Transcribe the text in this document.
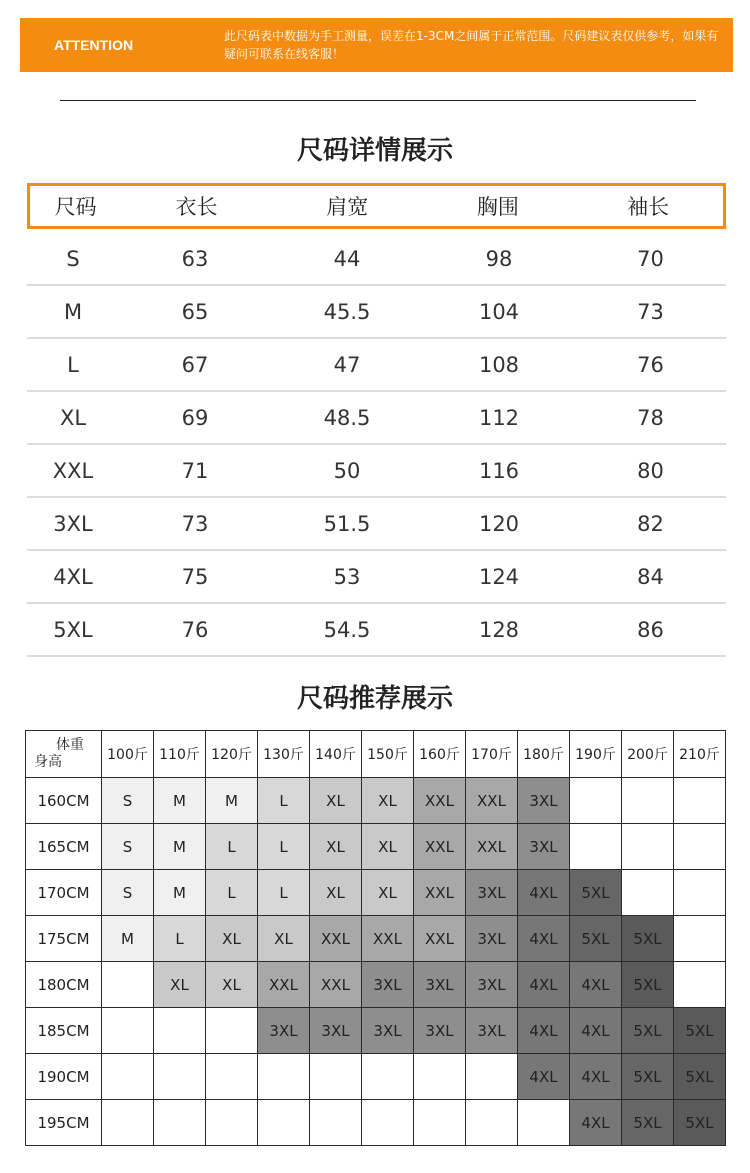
ATTENTION
此尺码表中数据为手工测量，误差在1-3CM之间属于正常范围。尺码建议表仅供参考，如果有疑问可联系在线客服！
尺码详情展示
尺码	衣长	肩宽	胸围	袖长
S	63	44	98	70
M	65	45.5	104	73
L	67	47	108	76
XL	69	48.5	112	78
XXL	71	50	116	80
3XL	73	51.5	120	82
4XL	75	53	124	84
5XL	76	54.5	128	86
尺码推荐展示
体重
身高	100斤	110斤	120斤	130斤	140斤	150斤	160斤	170斤	180斤	190斤	200斤	210斤
160CM	S	M	M	L	XL	XL	XXL	XXL	3XL			
165CM	S	M	L	L	XL	XL	XXL	XXL	3XL			
170CM	S	M	L	L	XL	XL	XXL	3XL	4XL	5XL		
175CM	M	L	XL	XL	XXL	XXL	XXL	3XL	4XL	5XL	5XL	
180CM		XL	XL	XXL	XXL	3XL	3XL	3XL	4XL	4XL	5XL	
185CM				3XL	3XL	3XL	3XL	3XL	4XL	4XL	5XL	5XL
190CM									4XL	4XL	5XL	5XL
195CM										4XL	5XL	5XL
